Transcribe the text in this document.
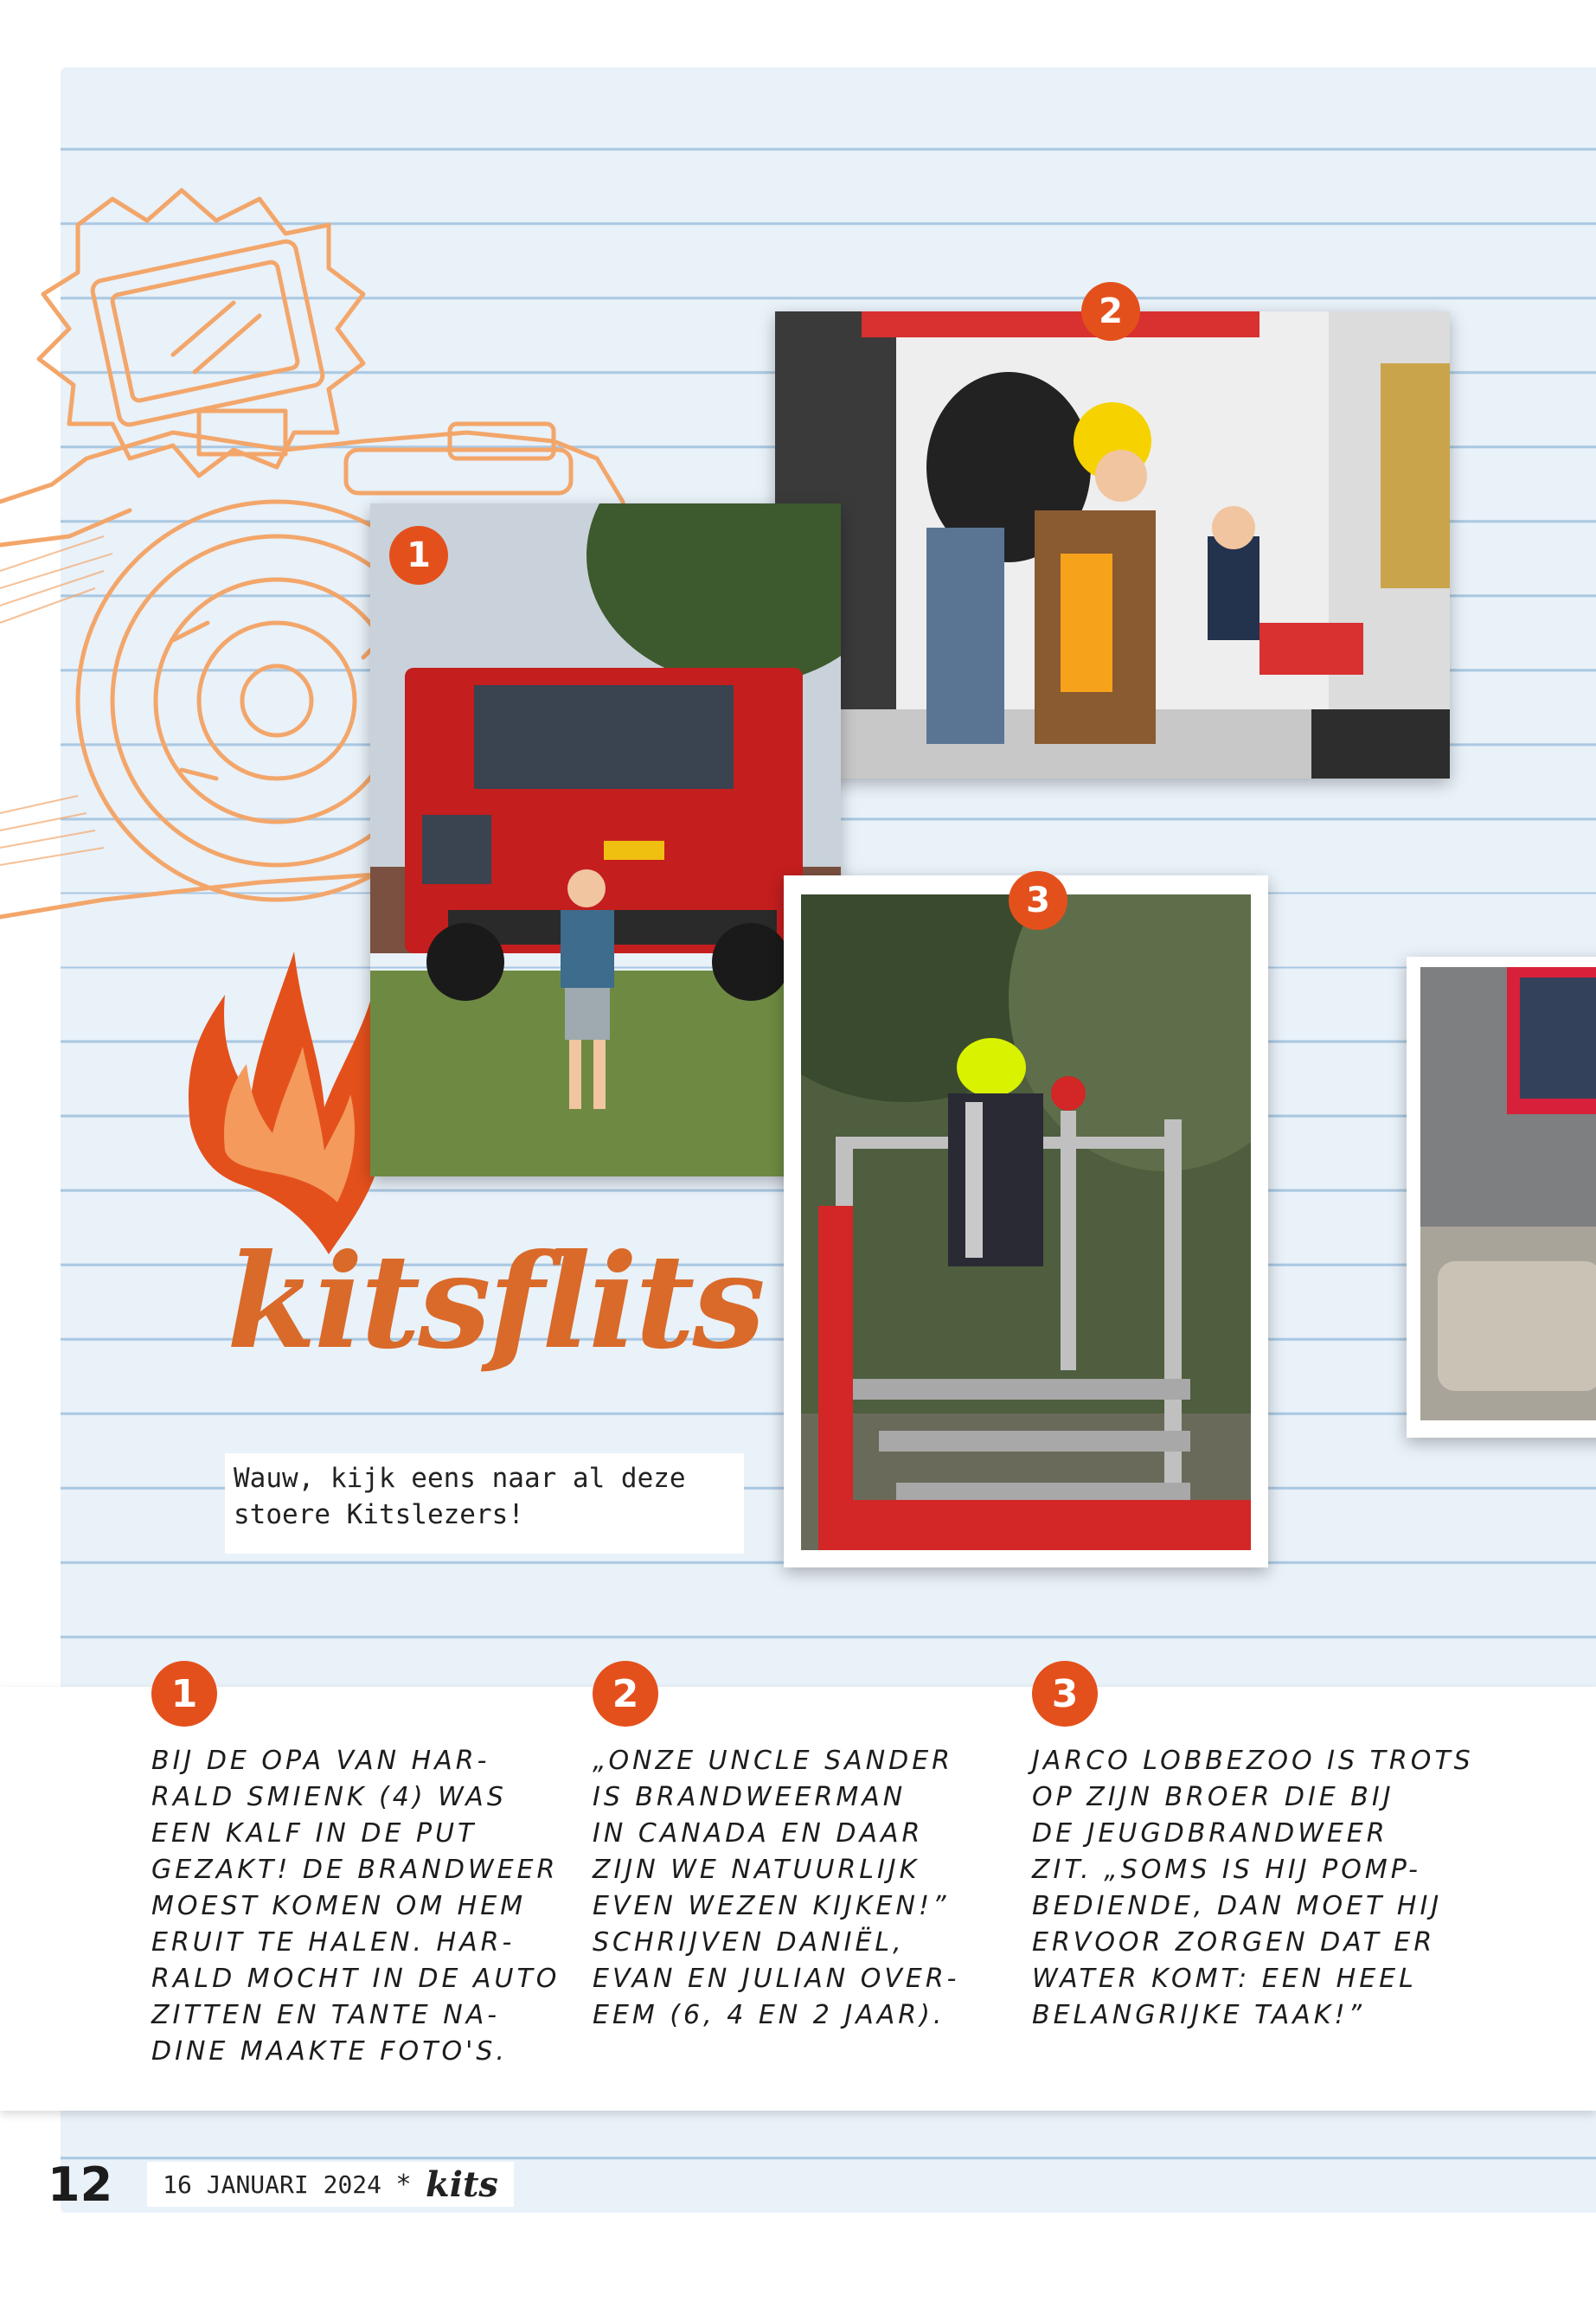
2
1
3
kitsflits
Wauw, kijk eens naar al deze
stoere Kitslezers!
1	2	3
BIJ DE OPA VAN HAR-
RALD SMIENK (4) WAS
EEN KALF IN DE PUT
GEZAKT! DE BRANDWEER
MOEST KOMEN OM HEM
ERUIT TE HALEN. HAR-
RALD MOCHT IN DE AUTO
ZITTEN EN TANTE NA-
DINE MAAKTE FOTO'S.
„ONZE UNCLE SANDER
IS BRANDWEERMAN
IN CANADA EN DAAR
ZIJN WE NATUURLIJK
EVEN WEZEN KIJKEN!”
SCHRIJVEN DANIËL,
EVAN EN JULIAN OVER-
EEM (6, 4 EN 2 JAAR).
JARCO LOBBEZOO IS TROTS
OP ZIJN BROER DIE BIJ
DE JEUGDBRANDWEER
ZIT. „SOMS IS HIJ POMP-
BEDIENDE, DAN MOET HIJ
ERVOOR ZORGEN DAT ER
WATER KOMT: EEN HEEL
BELANGRIJKE TAAK!”
12 16 JANUARI 2024 * kits
